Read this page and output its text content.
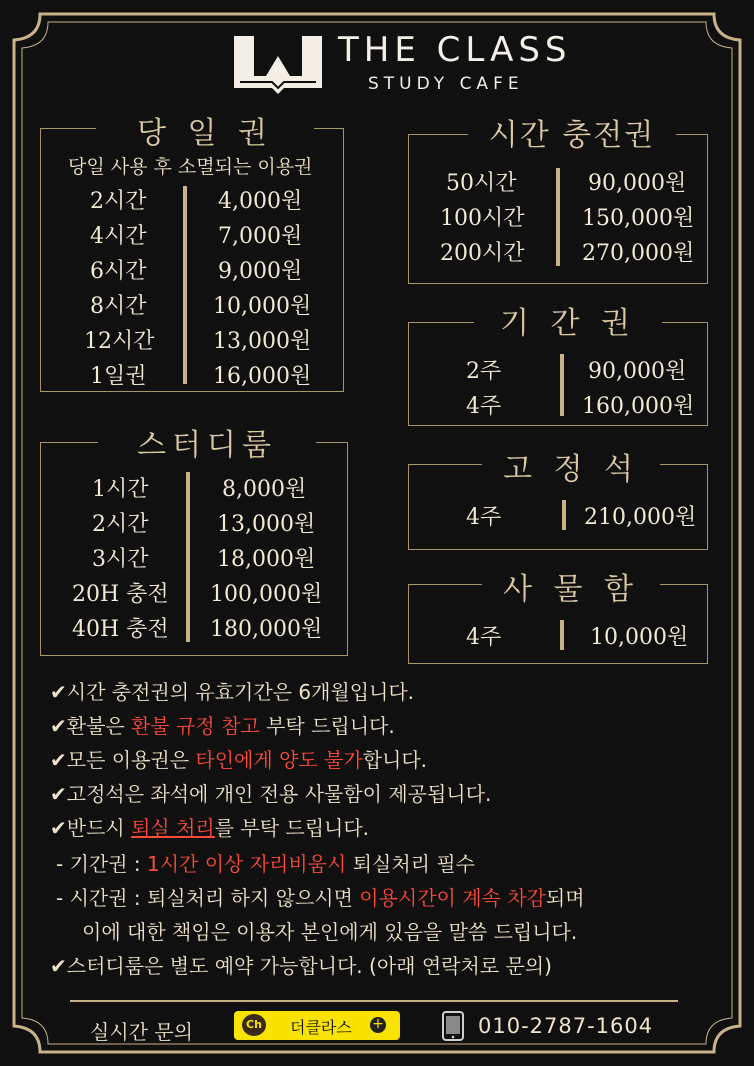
THE CLASS
STUDY CAFE
당 일 권
당일 사용 후 소멸되는 이용권
2시간	4,000원
4시간	7,000원
6시간	9,000원
8시간	10,000원
12시간	13,000원
1일권	16,000원
스터디룸
1시간	8,000원
2시간	13,000원
3시간	18,000원
20H 충전 100,000원
40H 충전 180,000원
시간 충전권
50시간	90,000원
100시간	150,000원
200시간	270,000원
기 간 권
2주	90,000원
4주	160,000원
고 정 석
4주	210,000원
사 물 함
4주	10,000원
✔시간 충전권의 유효기간은 6개월입니다.
✔환불은 환불 규정 참고 부탁 드립니다.
✔모든 이용권은 타인에게 양도 불가합니다.
✔고정석은 좌석에 개인 전용 사물함이 제공됩니다.
✔반드시 퇴실 처리를 부탁 드립니다.
- 기간권 : 1시간 이상 자리비움시 퇴실처리 필수
- 시간권 : 퇴실처리 하지 않으시면 이용시간이 계속 차감되며
이에 대한 책임은 이용자 본인에게 있음을 말씀 드립니다.
✔스터디룸은 별도 예약 가능합니다. (아래 연락처로 문의)
실시간 문의	Ch 더클라스 +	010-2787-1604
